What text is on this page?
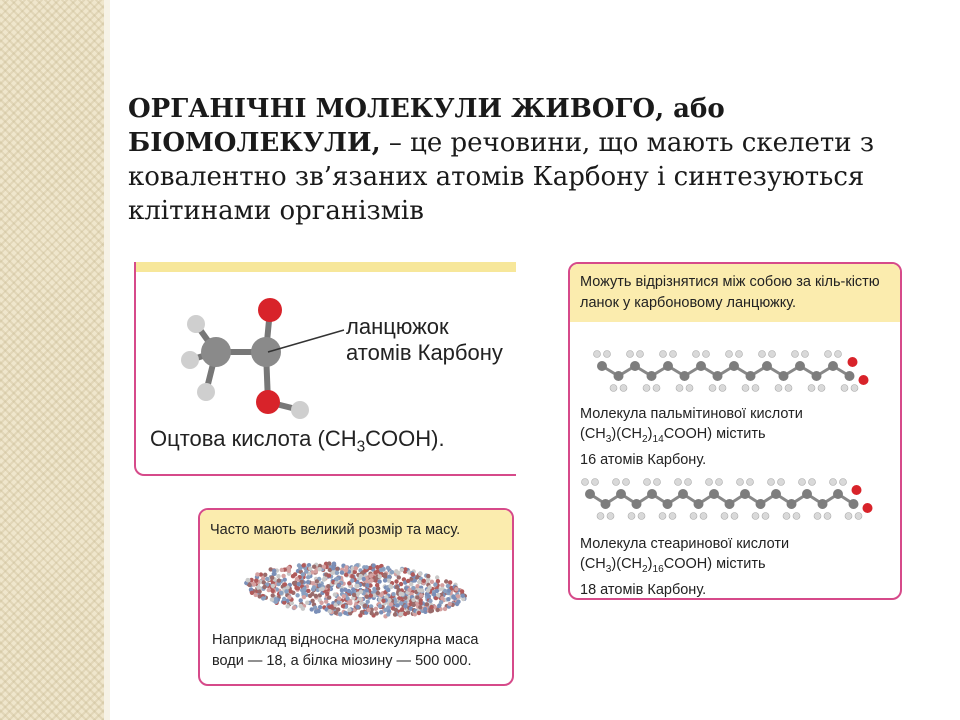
ОРГАНІЧНІ МОЛЕКУЛИ ЖИВОГО, або БІОМОЛЕКУЛИ, – це речовини, що мають скелети з ковалентно зв’язаних атомів Карбону і синтезуються клітинами організмів
ланцюжок
атомів Карбону
Оцтова кислота $(CH_3COOH)$.
Можуть відрізнятися між собою за кіль-кістю ланок у карбоновому ланцюжку.
Молекула пальмітинової кислоти
$(CH_3)(CH_2)_{14}COOH$) містить
16 атомів Карбону.
Молекула стеаринової кислоти
$(CH_3)(CH_2)_{16}COOH$) містить
18 атомів Карбону.
Часто мають великий розмір та масу.
Наприклад відносна молекулярна маса
води — 18, а білка міозину — 500 000.
